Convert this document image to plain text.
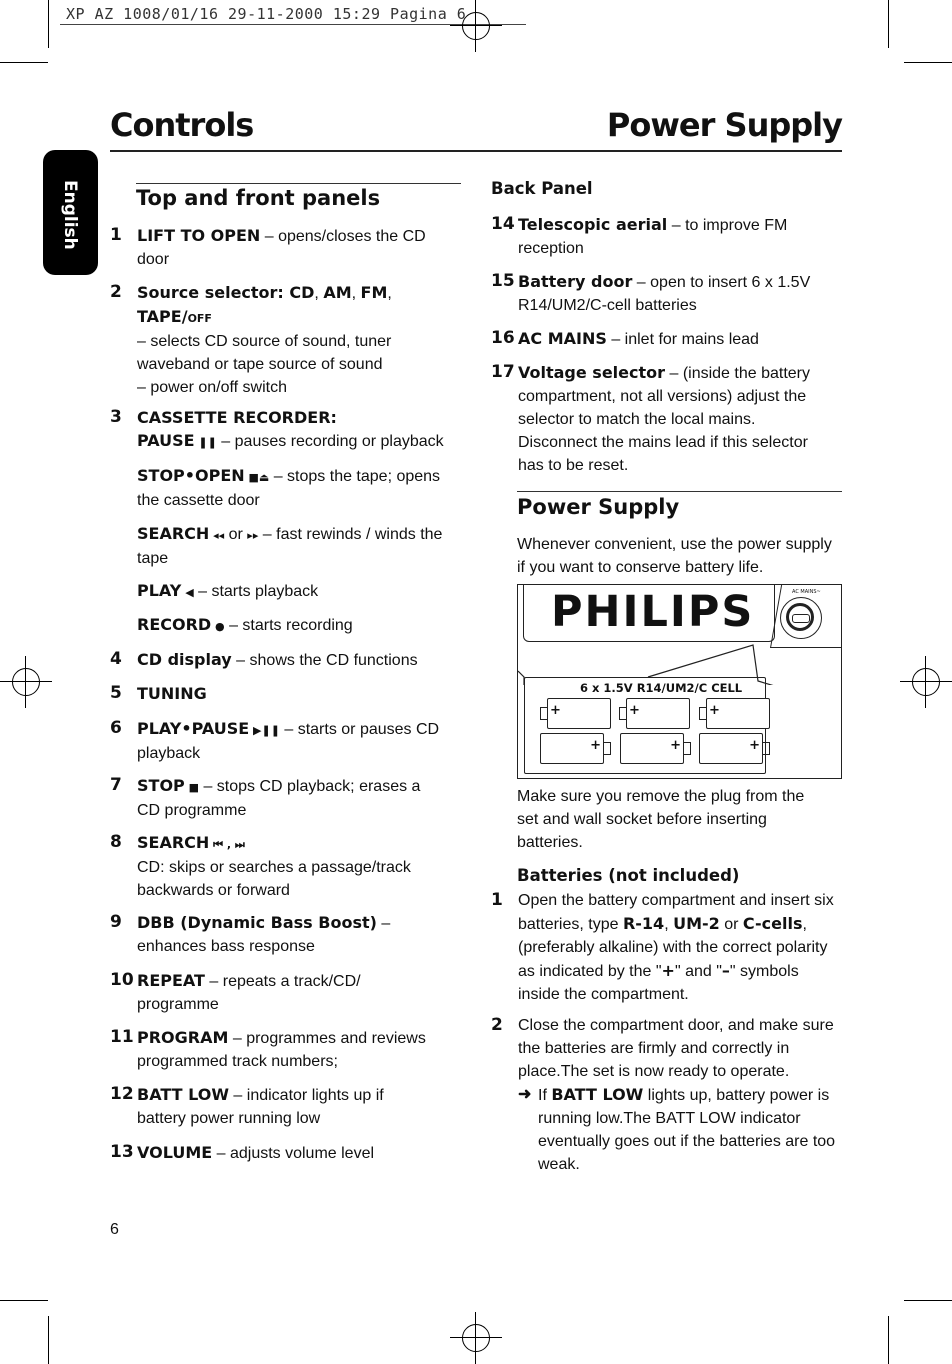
XP AZ 1008/01/16 29-11-2000 15:29 Pagina 6
Controls	Power Supply
English	Top and front panels
1 LIFT TO OPEN – opens/closes the CD door
2 Source selector: CD, AM, FM,
TAPE/OFF
– selects CD source of sound, tuner waveband or tape source of sound
– power on/off switch
3 CASSETTE RECORDER:
PAUSE ❚❚ – pauses recording or playback
STOP•OPEN ■⏏ – stops the tape; opens the cassette door
SEARCH ◂◂ or ▸▸ – fast rewinds / winds the tape
PLAY ◀ – starts playback
RECORD ● – starts recording
4 CD display – shows the CD functions
5 TUNING
6 PLAY•PAUSE ▶❚❚ – starts or pauses CD playback
7 STOP ■ – stops CD playback; erases a CD programme
8 SEARCH ⏮ , ⏭
CD: skips or searches a passage/track backwards or forward
9 DBB (Dynamic Bass Boost) – enhances bass response
10 REPEAT – repeats a track/CD/ programme
11 PROGRAM – programmes and reviews programmed track numbers;
12 BATT LOW – indicator lights up if battery power running low
13 VOLUME – adjusts volume level
Back Panel
14 Telescopic aerial – to improve FM reception
15 Battery door – open to insert 6 x 1.5V R14/UM2/C-cell batteries
16 AC MAINS – inlet for mains lead
17 Voltage selector – (inside the battery compartment, not all versions) adjust the selector to match the local mains. Disconnect the mains lead if this selector has to be reset.
Power Supply
Whenever convenient, use the power supply if you want to conserve battery life.
PHILIPS	AC MAINS~
6 x 1.5V R14/UM2/C CELL
+	+	+
+	+	+
Make sure you remove the plug from the set and wall socket before inserting batteries.
Batteries (not included)
1 Open the battery compartment and insert six batteries, type R-14, UM-2 or C-cells, (preferably alkaline) with the correct polarity as indicated by the "+" and "–" symbols inside the compartment.
2 Close the compartment door, and make sure the batteries are firmly and correctly in place.The set is now ready to operate.
➜ If BATT LOW lights up, battery power is running low.The BATT LOW indicator eventually goes out if the batteries are too weak.
6
